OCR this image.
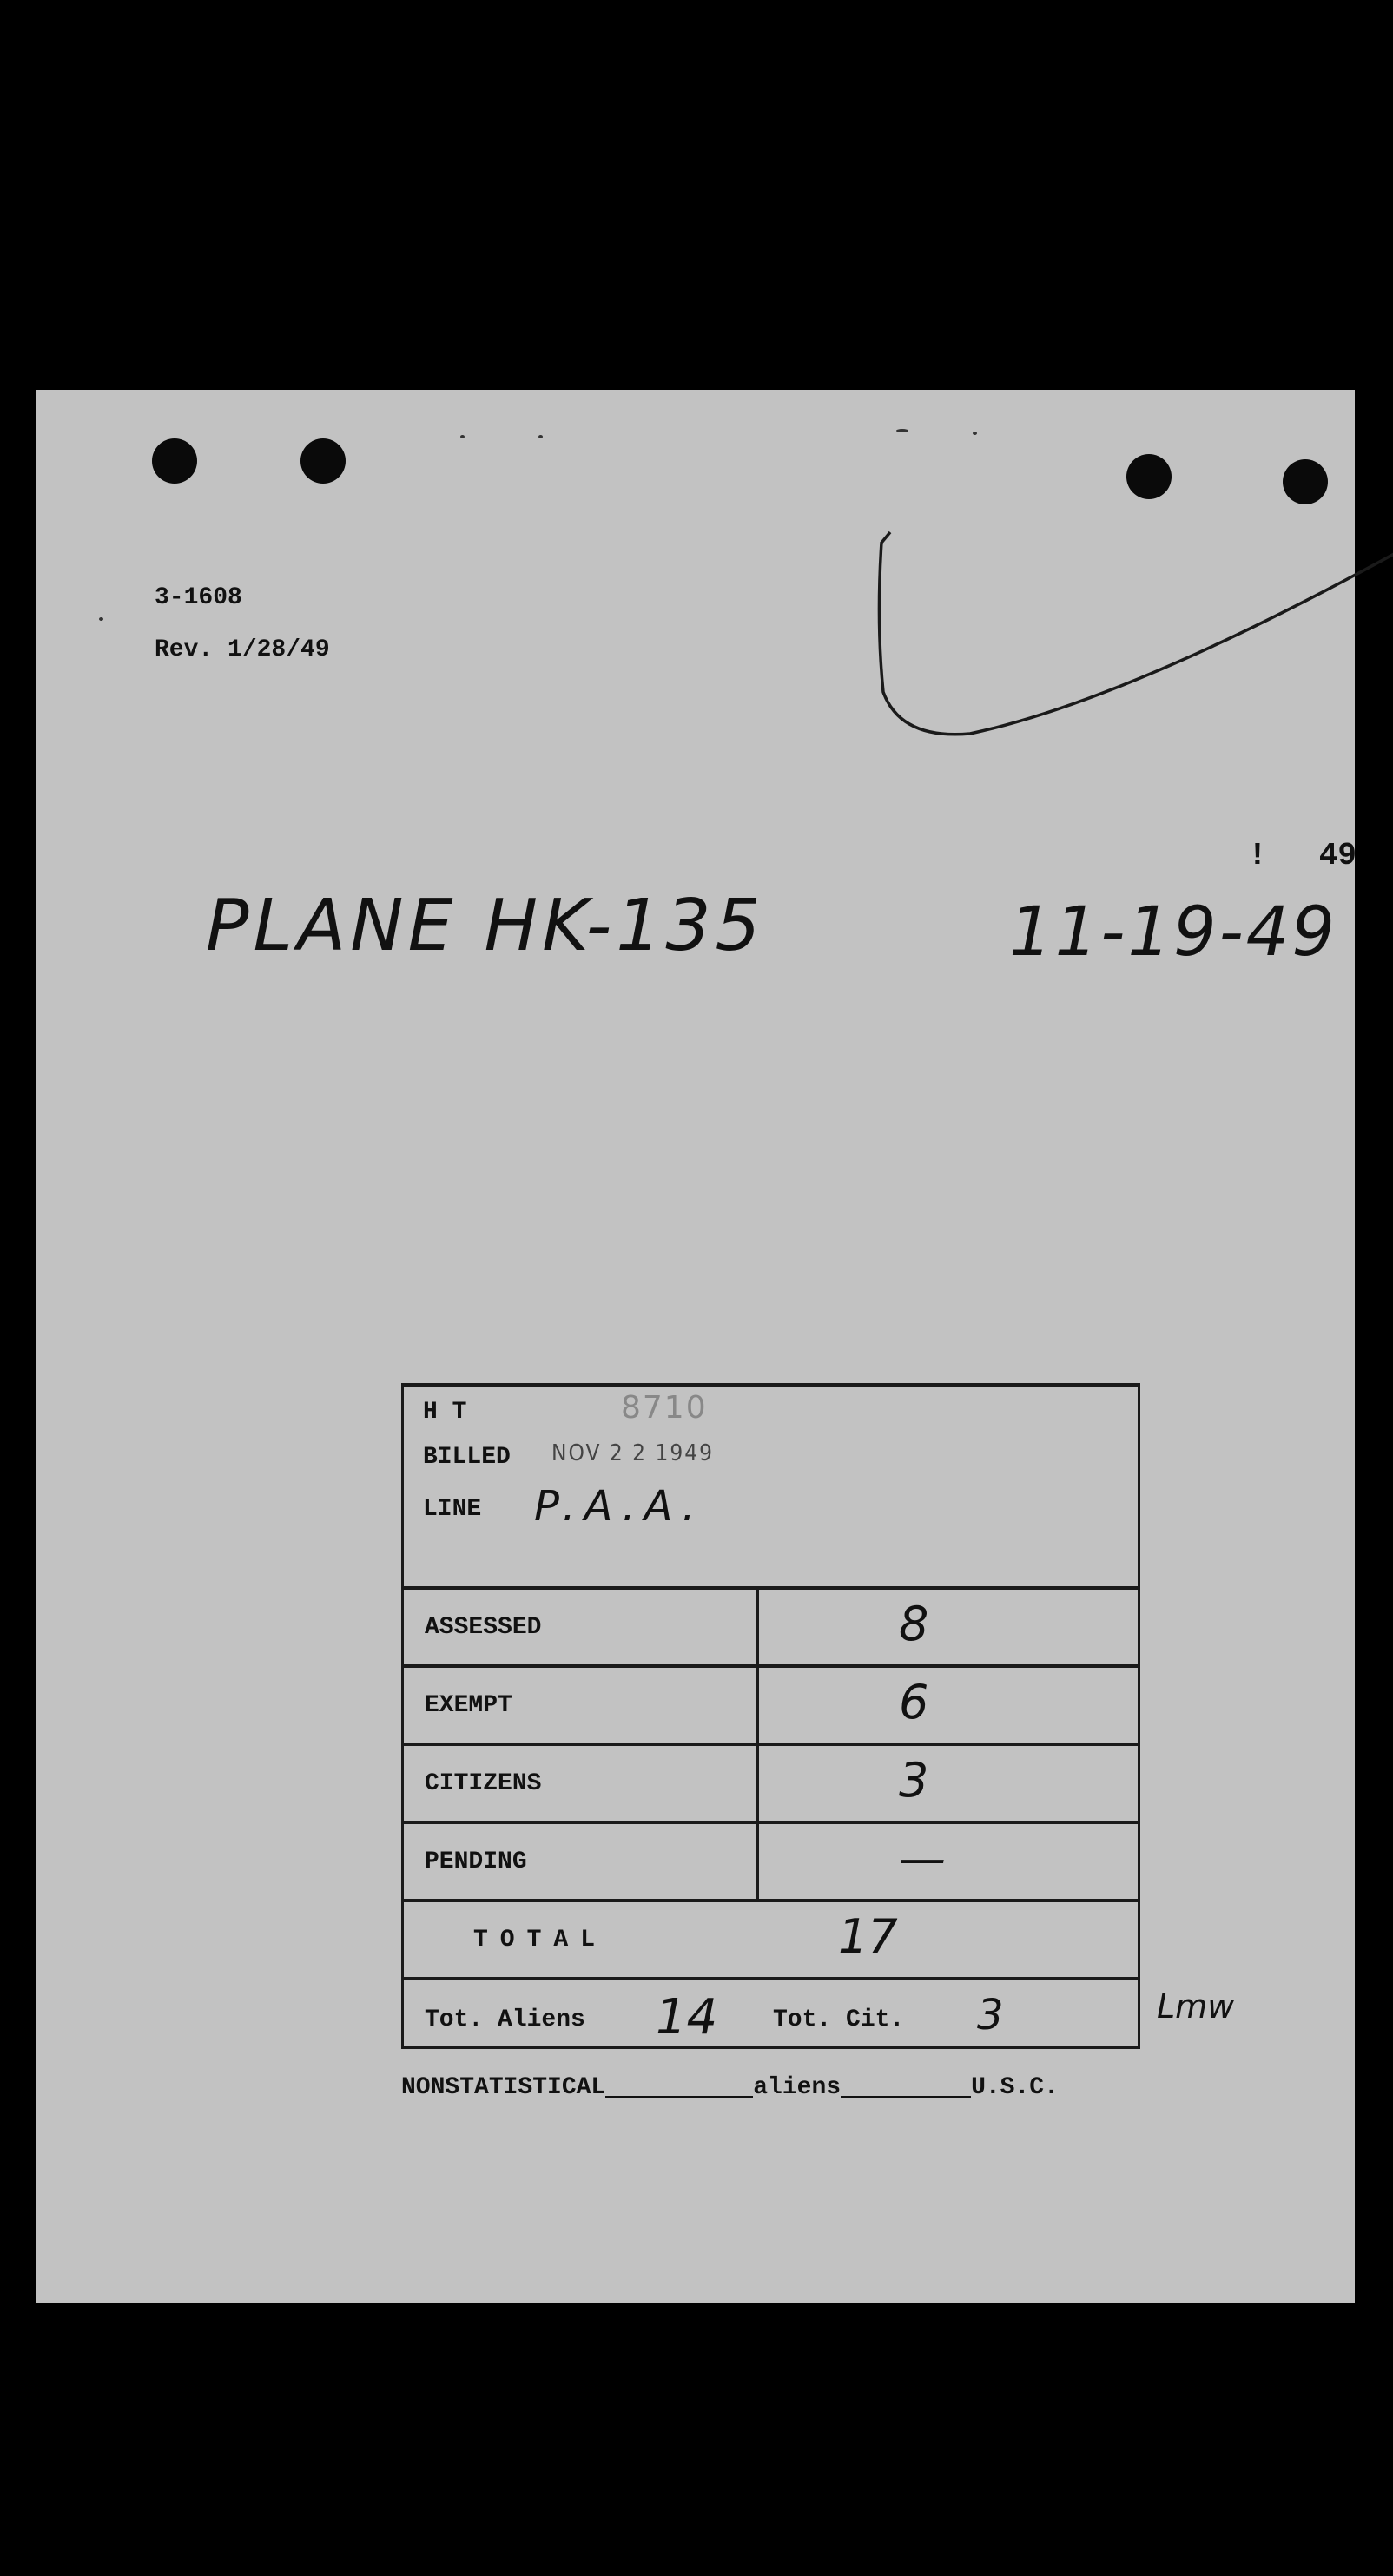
3-1608
Rev. 1/28/49
! 49
PLANE HK-135	11-19-49
H T	8710
BILLED NOV 2 2 1949
LINE P.A.A.
ASSESSED	8
EXEMPT	6
CITIZENS	3
PENDING	—
TOTAL	17
Tot. Aliens 14 Tot. Cit. 3	Lmw
NONSTATISTICAL	aliens	U.S.C.
